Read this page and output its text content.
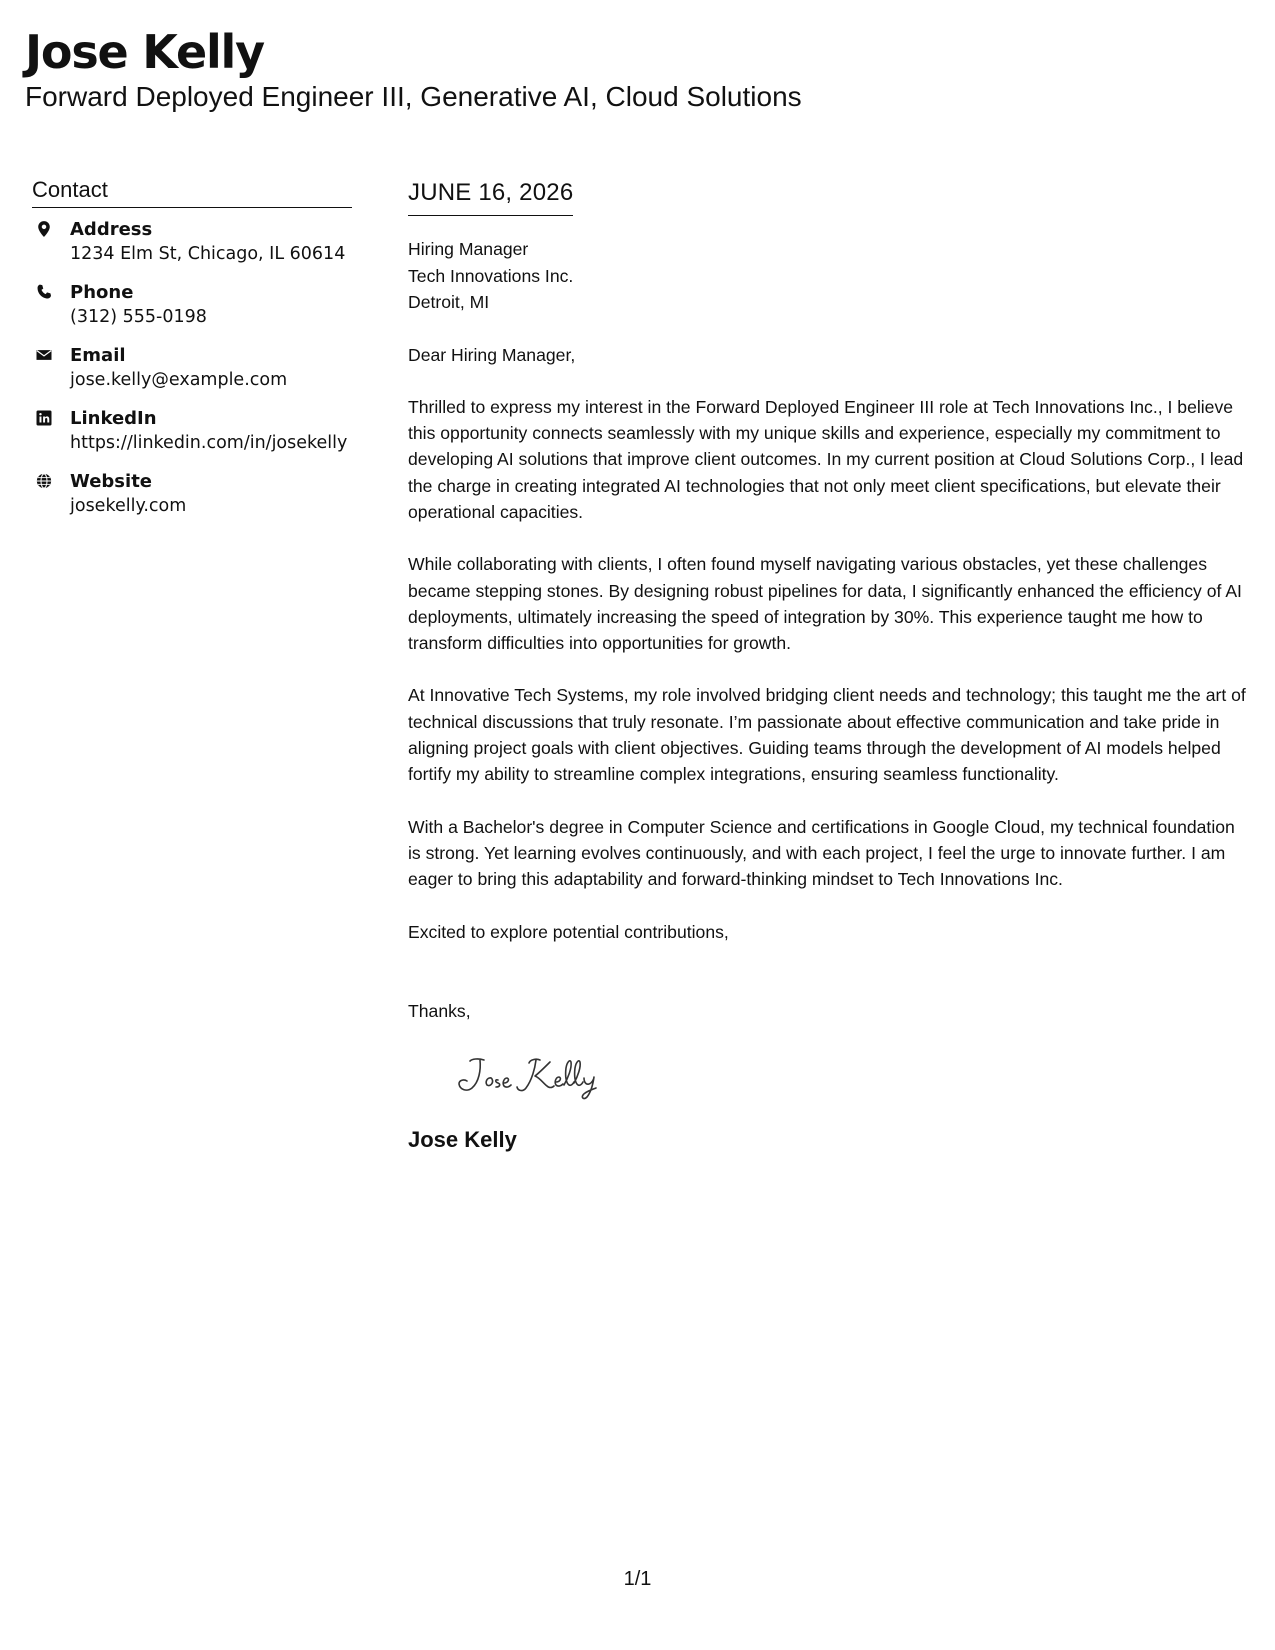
Jose Kelly
Forward Deployed Engineer III, Generative AI, Cloud Solutions
Contact
Address
1234 Elm St, Chicago, IL 60614
Phone
(312) 555-0198
Email
jose.kelly@example.com
LinkedIn
https://linkedin.com/in/josekelly
Website
josekelly.com
JUNE 16, 2026
Hiring Manager
Tech Innovations Inc.
Detroit, MI

Dear Hiring Manager,

Thrilled to express my interest in the Forward Deployed Engineer III role at Tech Innovations Inc., I believe this opportunity connects seamlessly with my unique skills and experience, especially my commitment to developing AI solutions that improve client outcomes. In my current position at Cloud Solutions Corp., I lead the charge in creating integrated AI technologies that not only meet client specifications, but elevate their operational capacities.

While collaborating with clients, I often found myself navigating various obstacles, yet these challenges became stepping stones. By designing robust pipelines for data, I significantly enhanced the efficiency of AI deployments, ultimately increasing the speed of integration by 30%. This experience taught me how to transform difficulties into opportunities for growth.

At Innovative Tech Systems, my role involved bridging client needs and technology; this taught me the art of technical discussions that truly resonate. I’m passionate about effective communication and take pride in aligning project goals with client objectives. Guiding teams through the development of AI models helped fortify my ability to streamline complex integrations, ensuring seamless functionality.

With a Bachelor's degree in Computer Science and certifications in Google Cloud, my technical foundation is strong. Yet learning evolves continuously, and with each project, I feel the urge to innovate further. I am eager to bring this adaptability and forward-thinking mindset to Tech Innovations Inc.

Excited to explore potential contributions,

Thanks,

Jose Kelly
1/1
